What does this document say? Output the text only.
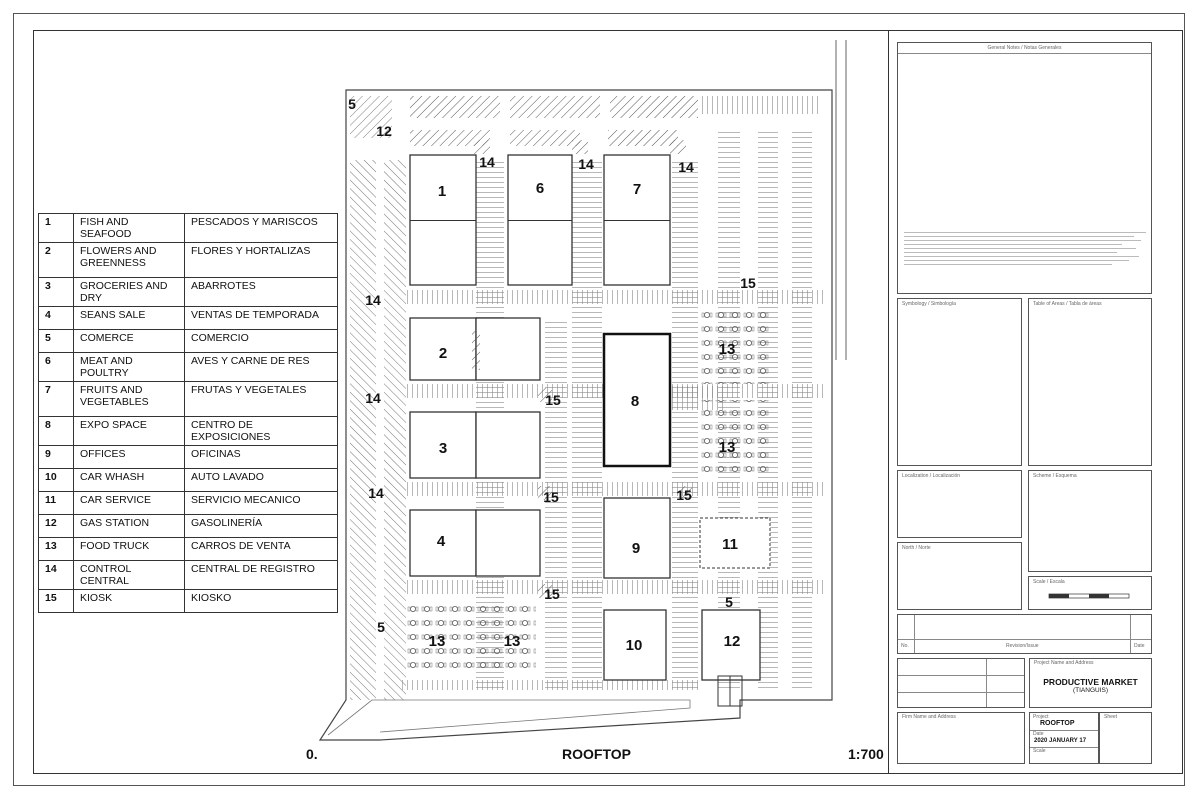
1	FISH AND SEAFOOD	PESCADOS Y MARISCOS
2	FLOWERS AND GREENNESS	FLORES Y HORTALIZAS
3	GROCERIES AND DRY	ABARROTES
4	SEANS SALE	VENTAS DE TEMPORADA
5	COMERCE	COMERCIO
6	MEAT AND POULTRY	AVES Y CARNE DE RES
7	FRUITS AND VEGETABLES	FRUTAS Y VEGETALES
8	EXPO SPACE	CENTRO DE EXPOSICIONES
9	OFFICES	OFICINAS
10	CAR WHASH	AUTO LAVADO
11	CAR SERVICE	SERVICIO MECANICO
12	GAS STATION	GASOLINERÍA
13	FOOD TRUCK	CARROS DE VENTA
14	CONTROL CENTRAL	CENTRAL DE REGISTRO
15	KIOSK	KIOSKO
1	6	7
2
8
3
4	9	11
10	12
13
13
13	13
14	14	14
14
14
14
15
15
15	15
15
5
12
5
5
0.	ROOFTOP	1:700
General Notes / Notas Generales
Symbology / Simbología	Table of Areas / Tabla de áreas
Localization / Localización	Scheme / Esquema
North / Norte
Scale / Escala
No.	Revision/Issue	Date
Project Name and Address
PRODUCTIVE MARKET
(TIANGUIS)
Firm Name and Address	Project
ROOFTOP
Date
2020 JANUARY 17
Scale
Sheet
